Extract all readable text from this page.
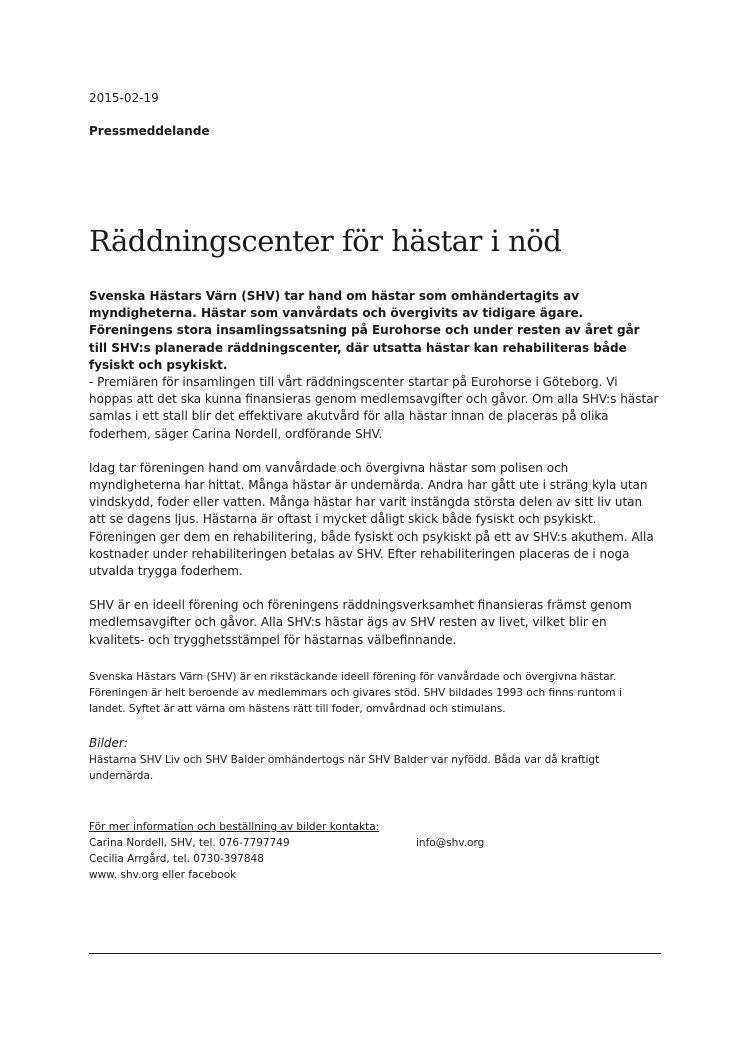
2015-02-19
Pressmeddelande
Räddningscenter för hästar i nöd

Svenska Hästars Värn (SHV) tar hand om hästar som omhändertagits av myndigheterna. Hästar som vanvårdats och övergivits av tidigare ägare. Föreningens stora insamlingssatsning på Eurohorse och under resten av året går till SHV:s planerade räddningscenter, där utsatta hästar kan rehabiliteras både fysiskt och psykiskt.

- Premiären för insamlingen till vårt räddningscenter startar på Eurohorse i Göteborg. Vi hoppas att det ska kunna finansieras genom medlemsavgifter och gåvor. Om alla SHV:s hästar samlas i ett stall blir det effektivare akutvård för alla hästar innan de placeras på olika foderhem, säger Carina Nordell, ordförande SHV.

Idag tar föreningen hand om vanvårdade och övergivna hästar som polisen och myndigheterna har hittat. Många hästar är undernärda. Andra har gått ute i sträng kyla utan vindskydd, foder eller vatten. Många hästar har varit instängda största delen av sitt liv utan att se dagens ljus. Hästarna är oftast i mycket dåligt skick både fysiskt och psykiskt. Föreningen ger dem en rehabilitering, både fysiskt och psykiskt på ett av SHV:s akuthem. Alla kostnader under rehabiliteringen betalas av SHV. Efter rehabiliteringen placeras de i noga utvalda trygga foderhem.

SHV är en ideell förening och föreningens räddningsverksamhet finansieras främst genom medlemsavgifter och gåvor. Alla SHV:s hästar ägs av SHV resten av livet, vilket blir en kvalitets- och trygghetsstämpel för hästarnas välbefinnande.

Svenska Hästars Värn (SHV) är en rikstäckande ideell förening för vanvårdade och övergivna hästar. Föreningen är helt beroende av medlemmars och givares stöd. SHV bildades 1993 och finns runtom i landet. Syftet är att värna om hästens rätt till foder, omvårdnad och stimulans.

Bilder:

Hästarna SHV Liv och SHV Balder omhändertogs när SHV Balder var nyfödd. Båda var då kraftigt undernärda.

För mer information och beställning av bilder kontakta:
Carina Nordell, SHV, tel. 076-7797749	info@shv.org
Cecilia Arrgård, tel. 0730-397848
www. shv.org eller facebook
